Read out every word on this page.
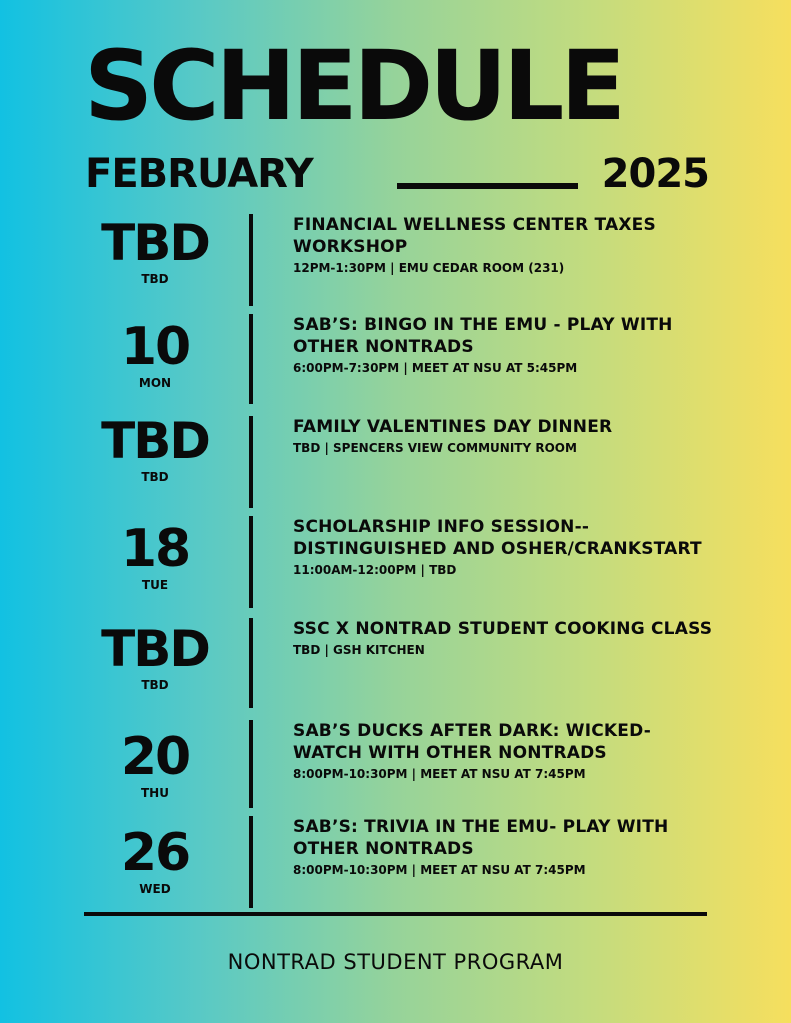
SCHEDULE
FEBRUARY	2025
TBD
TBD

FINANCIAL WELLNESS CENTER TAXES WORKSHOP

12PM-1:30PM | EMU CEDAR ROOM (231)

10
MON

SAB’S: BINGO IN THE EMU - PLAY WITH OTHER NONTRADS

6:00PM-7:30PM | MEET AT NSU AT 5:45PM

TBD
TBD

FAMILY VALENTINES DAY DINNER

TBD | SPENCERS VIEW COMMUNITY ROOM

18
TUE

SCHOLARSHIP INFO SESSION-- DISTINGUISHED AND OSHER/CRANKSTART

11:00AM-12:00PM | TBD

TBD
TBD

SSC X NONTRAD STUDENT COOKING CLASS

TBD | GSH KITCHEN

20
THU

SAB’S DUCKS AFTER DARK: WICKED- WATCH WITH OTHER NONTRADS

8:00PM-10:30PM | MEET AT NSU AT 7:45PM

26
WED

SAB’S: TRIVIA IN THE EMU- PLAY WITH OTHER NONTRADS

8:00PM-10:30PM | MEET AT NSU AT 7:45PM

NONTRAD STUDENT PROGRAM
